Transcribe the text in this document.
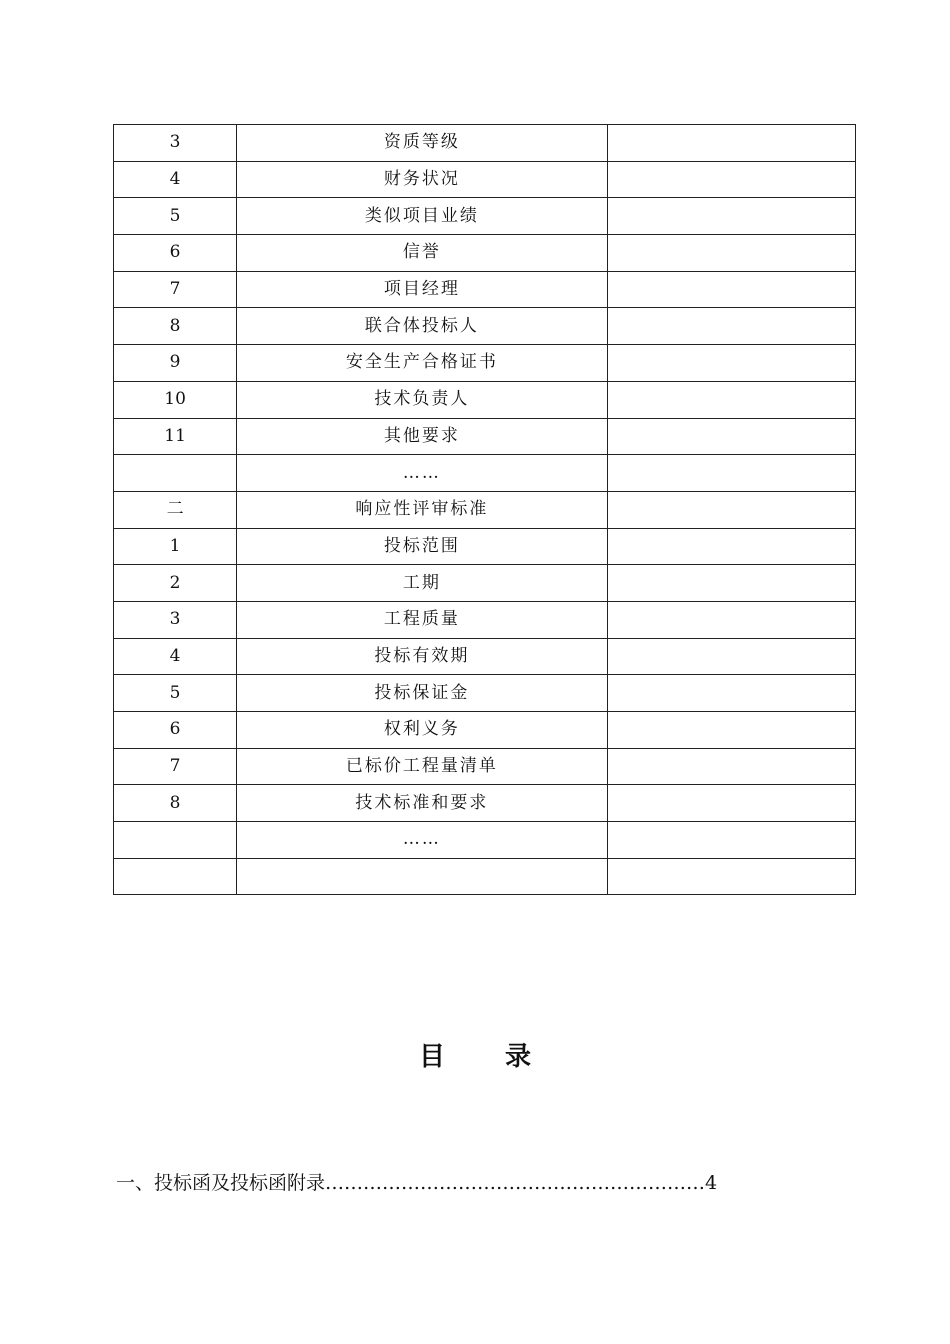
3	资质等级	
4	财务状况	
5	类似项目业绩	
6	信誉	
7	项目经理	
8	联合体投标人	
9	安全生产合格证书	
10	技术负责人	
11	其他要求	
	……	
二	响应性评审标准	
1	投标范围	
2	工期	
3	工程质量	
4	投标有效期	
5	投标保证金	
6	权利义务	
7	已标价工程量清单	
8	技术标准和要求	
	……	

目 录
一、投标函及投标函附录……………………………………………………4
